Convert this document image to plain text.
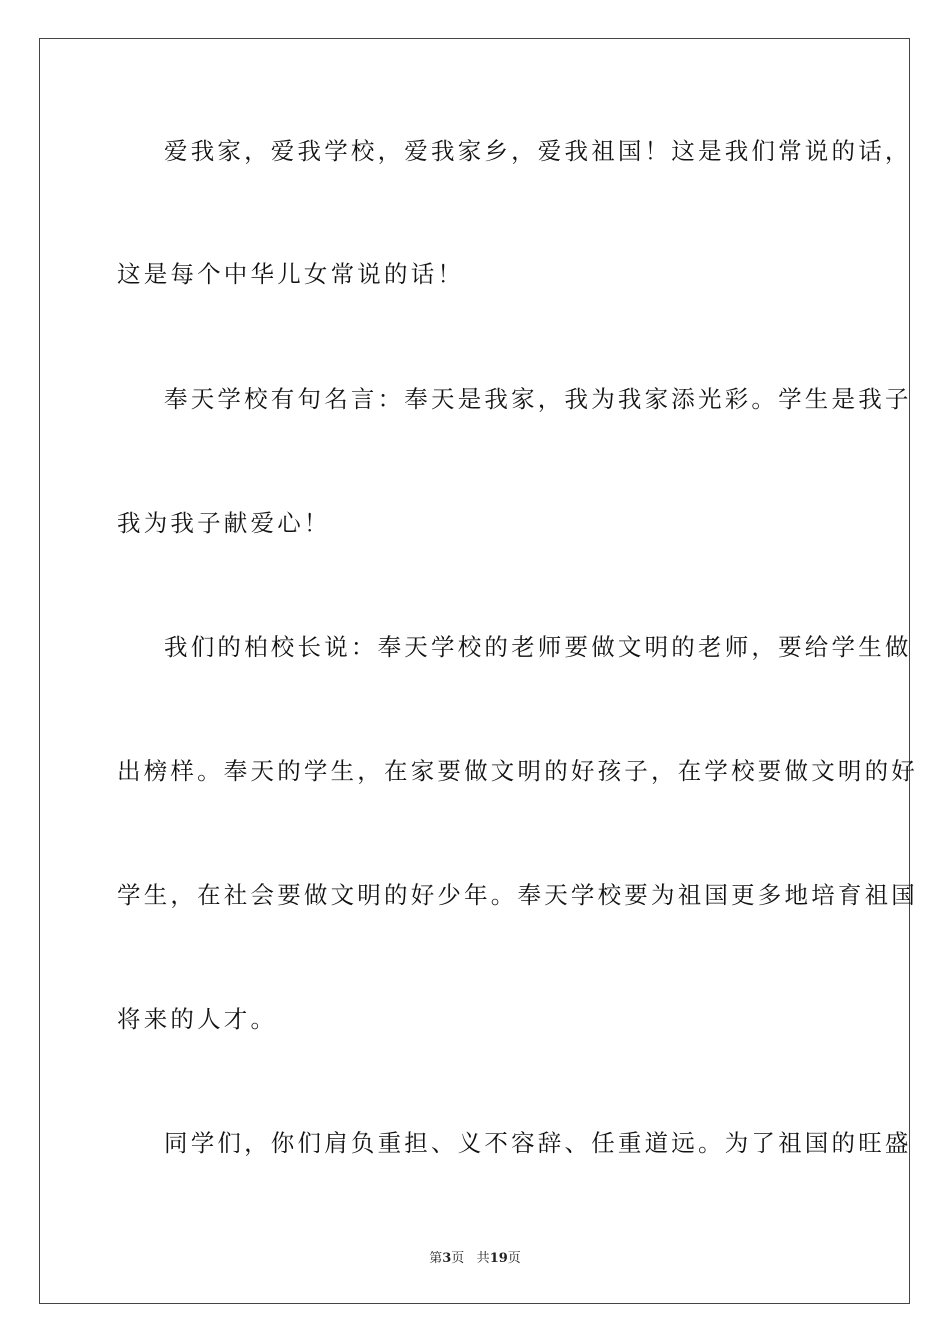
爱我家，爱我学校，爱我家乡，爱我祖国！这是我们常说的话，
这是每个中华儿女常说的话！
奉天学校有句名言：奉天是我家，我为我家添光彩。学生是我子
我为我子献爱心！
我们的柏校长说：奉天学校的老师要做文明的老师，要给学生做
出榜样。奉天的学生，在家要做文明的好孩子，在学校要做文明的好
学生，在社会要做文明的好少年。奉天学校要为祖国更多地培育祖国
将来的人才。
同学们，你们肩负重担、义不容辞、任重道远。为了祖国的旺盛
第3页 共19页
